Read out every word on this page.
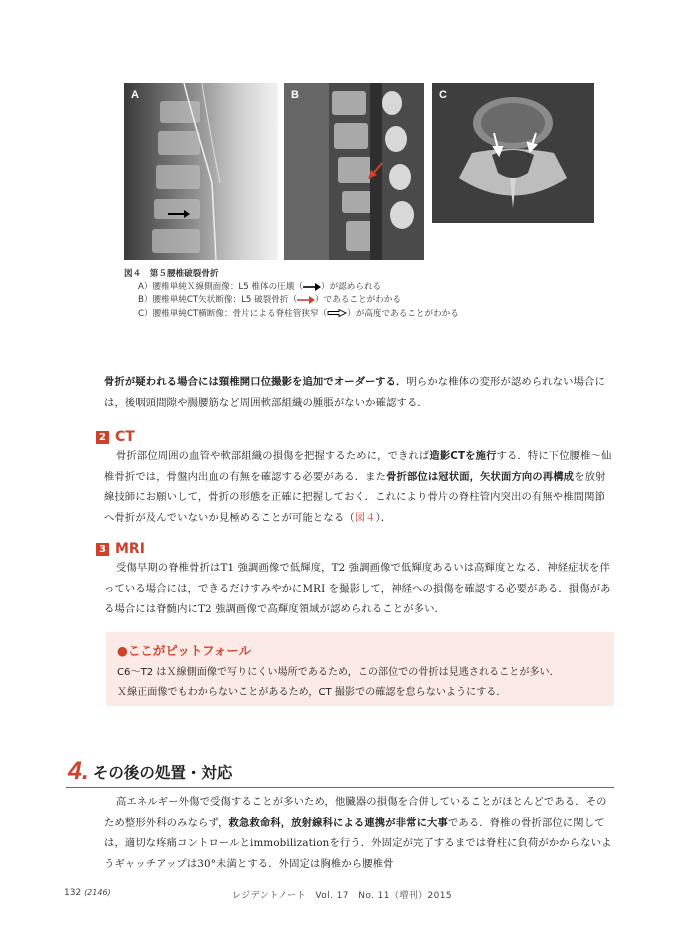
A	B	C
図４　第５腰椎破裂骨折
A）腰椎単純Ｘ線側面像：L5 椎体の圧壊（ ）が認められる
B）腰椎単純CT矢状断像：L5 破裂骨折（ ）であることがわかる
C）腰椎単純CT横断像：骨片による脊柱管狭窄（ ）が高度であることがわかる
骨折が疑われる場合には頸椎開口位撮影を追加でオーダーする．明らかな椎体の変形が認められない場合には，後咽頭間隙や腸腰筋など周囲軟部組織の腫脹がないか確認する．
2 CT
骨折部位周囲の血管や軟部組織の損傷を把握するために，できれば造影CTを施行する．特に下位腰椎〜仙椎骨折では，骨盤内出血の有無を確認する必要がある．また骨折部位は冠状面，矢状面方向の再構成を放射線技師にお願いして，骨折の形態を正確に把握しておく．これにより骨片の脊柱管内突出の有無や椎間関節へ骨折が及んでいないか見極めることが可能となる（図４）．
3 MRI
受傷早期の脊椎骨折はT1 強調画像で低輝度，T2 強調画像で低輝度あるいは高輝度となる．神経症状を伴っている場合には，できるだけすみやかにMRI を撮影して，神経への損傷を確認する必要がある．損傷がある場合には脊髄内にT2 強調画像で高輝度領域が認められることが多い．
●ここがピットフォール
C6〜T2 はＸ線側面像で写りにくい場所であるため，この部位での骨折は見逃されることが多い．
Ｘ線正面像でもわからないことがあるため，CT 撮影での確認を怠らないようにする．
4. その後の処置・対応
高エネルギー外傷で受傷することが多いため，他臓器の損傷を合併していることがほとんどである．そのため整形外科のみならず，救急救命科，放射線科による連携が非常に大事である．脊椎の骨折部位に関しては，適切な疼痛コントロールとimmobilizationを行う．外固定が完了するまでは脊柱に負荷がかからないようギャッチアップは30°未満とする．外固定は胸椎から腰椎骨
132 (2146)	レジデントノート　Vol. 17　No. 11（増刊）2015
